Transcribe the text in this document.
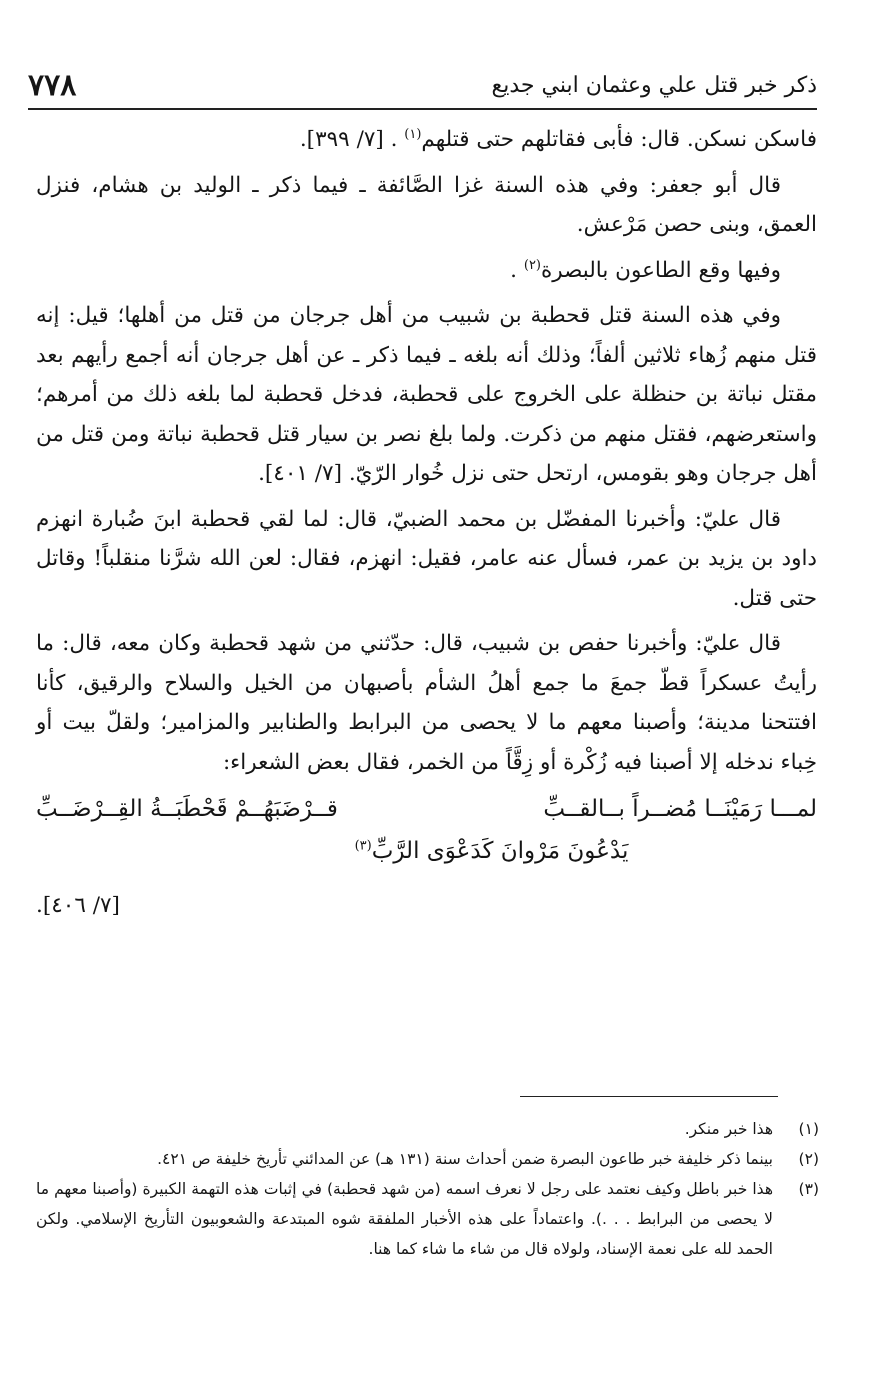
ذكر خبر قتل علي وعثمان ابني جديع
٧٧٨

فاسكن نسكن. قال: فأبى فقاتلهم حتى قتلهم$^{(١)}$ . [٧/ ٣٩٩].

قال أبو جعفر: وفي هذه السنة غزا الصَّائفة ـ فيما ذكر ـ الوليد بن هشام، فنزل العمق، وبنى حصن مَرْعش.

وفيها وقع الطاعون بالبصرة$^{(٢)}$ .

وفي هذه السنة قتل قحطبة بن شبيب من أهل جرجان من قتل من أهلها؛ قيل: إنه قتل منهم زُهاء ثلاثين ألفاً؛ وذلك أنه بلغه ـ فيما ذكر ـ عن أهل جرجان أنه أجمع رأيهم بعد مقتل نباتة بن حنظلة على الخروج على قحطبة، فدخل قحطبة لما بلغه ذلك من أمرهم؛ واستعرضهم، فقتل منهم من ذكرت. ولما بلغ نصر بن سيار قتل قحطبة نباتة ومن قتل من أهل جرجان وهو بقومس، ارتحل حتى نزل خُوار الرّيّ. [٧/ ٤٠١].

قال عليّ: وأخبرنا المفضّل بن محمد الضبيّ، قال: لما لقي قحطبة ابنَ ضُبارة انهزم داود بن يزيد بن عمر، فسأل عنه عامر، فقيل: انهزم، فقال: لعن الله شرَّنا منقلباً! وقاتل حتى قتل.

قال عليّ: وأخبرنا حفص بن شبيب، قال: حدّثني من شهد قحطبة وكان معه، قال: ما رأيتُ عسكراً قطّ جمعَ ما جمع أهلُ الشأم بأصبهان من الخيل والسلاح والرقيق، كأنا افتتحنا مدينة؛ وأصبنا معهم ما لا يحصى من البرابط والطنابير والمزامير؛ ولقلّ بيت أو خِباء ندخله إلا أصبنا فيه زُكْرة أو زِقَّاً من الخمر، فقال بعض الشعراء:

لمـــا رَمَيْنَــا مُضــراً بــالقــبِّ
قــرْضَبَهُــمْ قَحْطَبَــةُ القِــرْضَــبِّ
يَدْعُونَ مَرْوانَ كَدَعْوَى الرَّبِّ$^{(٣)}$
[٧/ ٤٠٦].
(١)
هذا خبر منكر.
(٢)
بينما ذكر خليفة خبر طاعون البصرة ضمن أحداث سنة (١٣١ هـ) عن المدائني تأريخ خليفة ص ٤٢١.
(٣)
هذا خبر باطل وكيف نعتمد على رجل لا نعرف اسمه (من شهد قحطبة) في إثبات هذه التهمة الكبيرة (وأصبنا معهم ما لا يحصى من البرابط . . .). واعتماداً على هذه الأخبار الملفقة شوه المبتدعة والشعوبيون التأريخ الإسلامي. ولكن الحمد لله على نعمة الإسناد، ولولاه قال من شاء ما شاء كما هنا.
